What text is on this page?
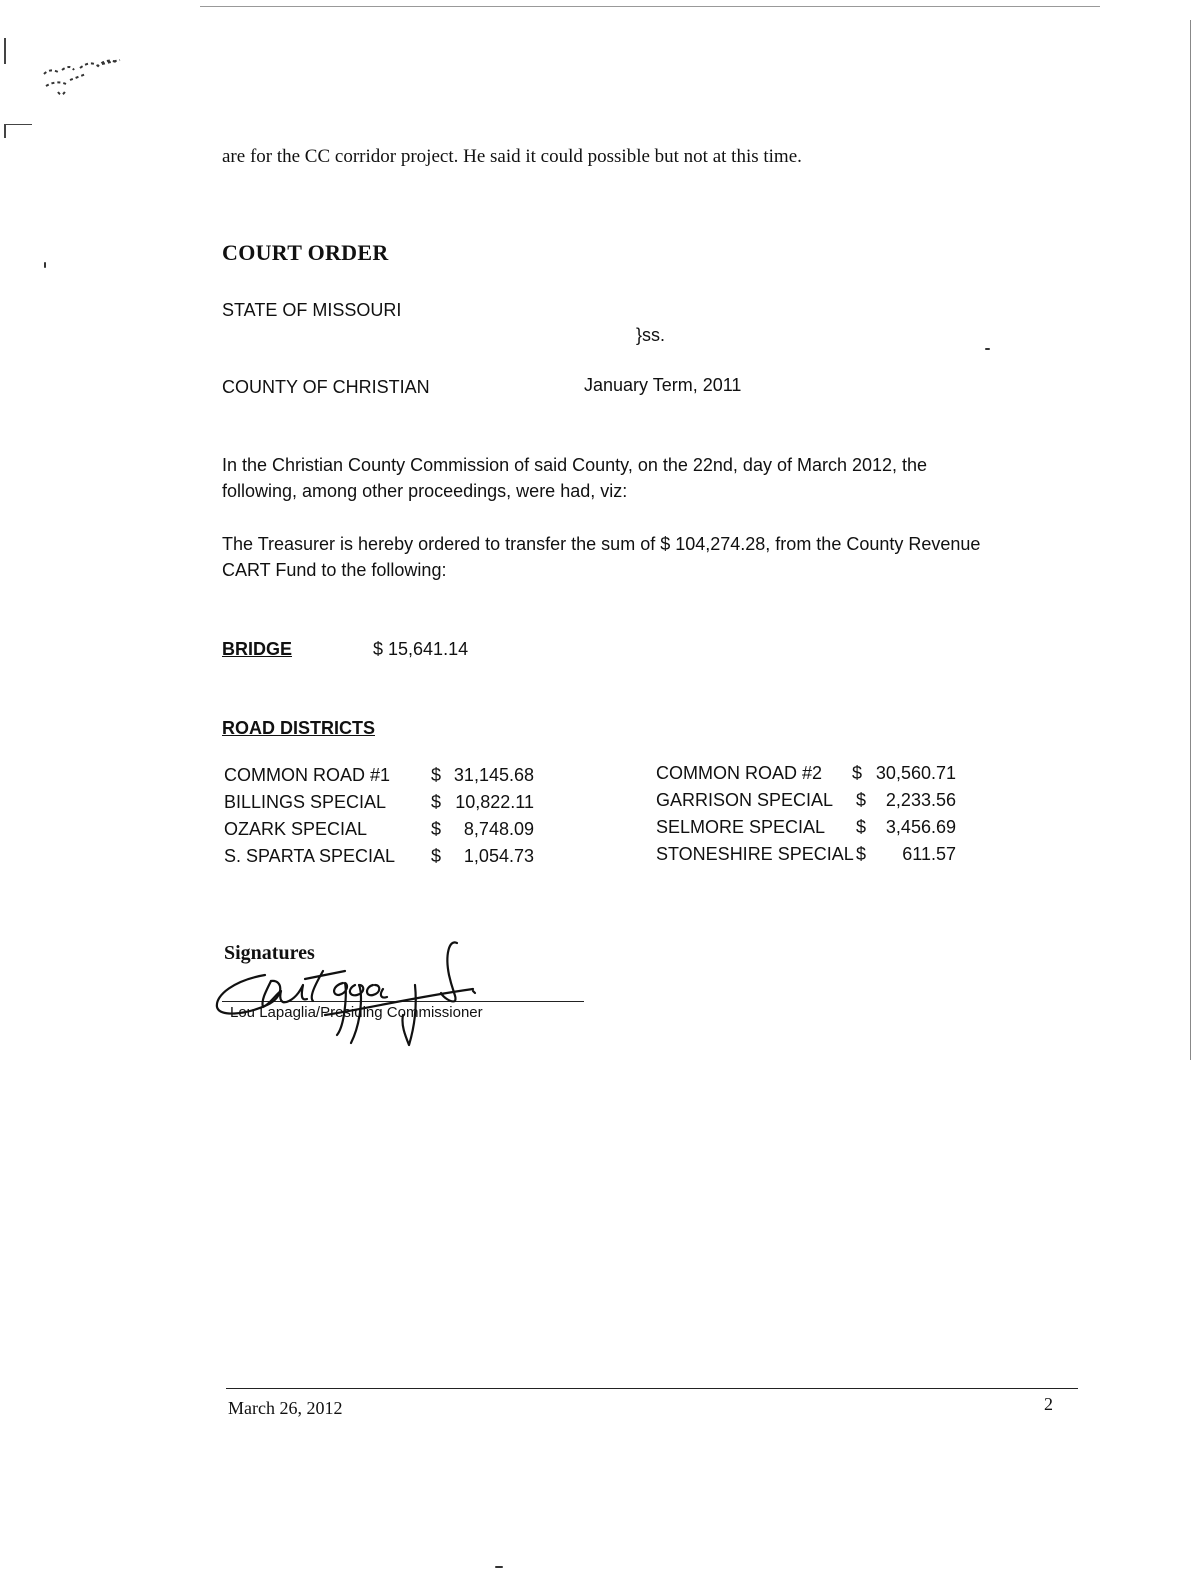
are for the CC corridor project. He said it could possible but not at this time.
COURT ORDER
STATE OF MISSOURI
}ss.
COUNTY OF CHRISTIAN	January Term, 2011
In the Christian County Commission of said County, on the 22nd, day of March 2012, the
following, among other proceedings, were had, viz:
The Treasurer is hereby ordered to transfer the sum of $ 104,274.28, from the County Revenue
CART Fund to the following:
BRIDGE	$ 15,641.14
ROAD DISTRICTS
COMMON ROAD #1 $ 31,145.68
BILLINGS SPECIAL $ 10,822.11
OZARK SPECIAL	$	8,748.09
S. SPARTA SPECIAL $	1,054.73
COMMON ROAD #2 $ 30,560.71
GARRISON SPECIAL $	2,233.56
SELMORE SPECIAL $	3,456.69
STONESHIRE SPECIAL $	611.57
Signatures
Lou Lapaglia/Presiding Commissioner
March 26, 2012	2
